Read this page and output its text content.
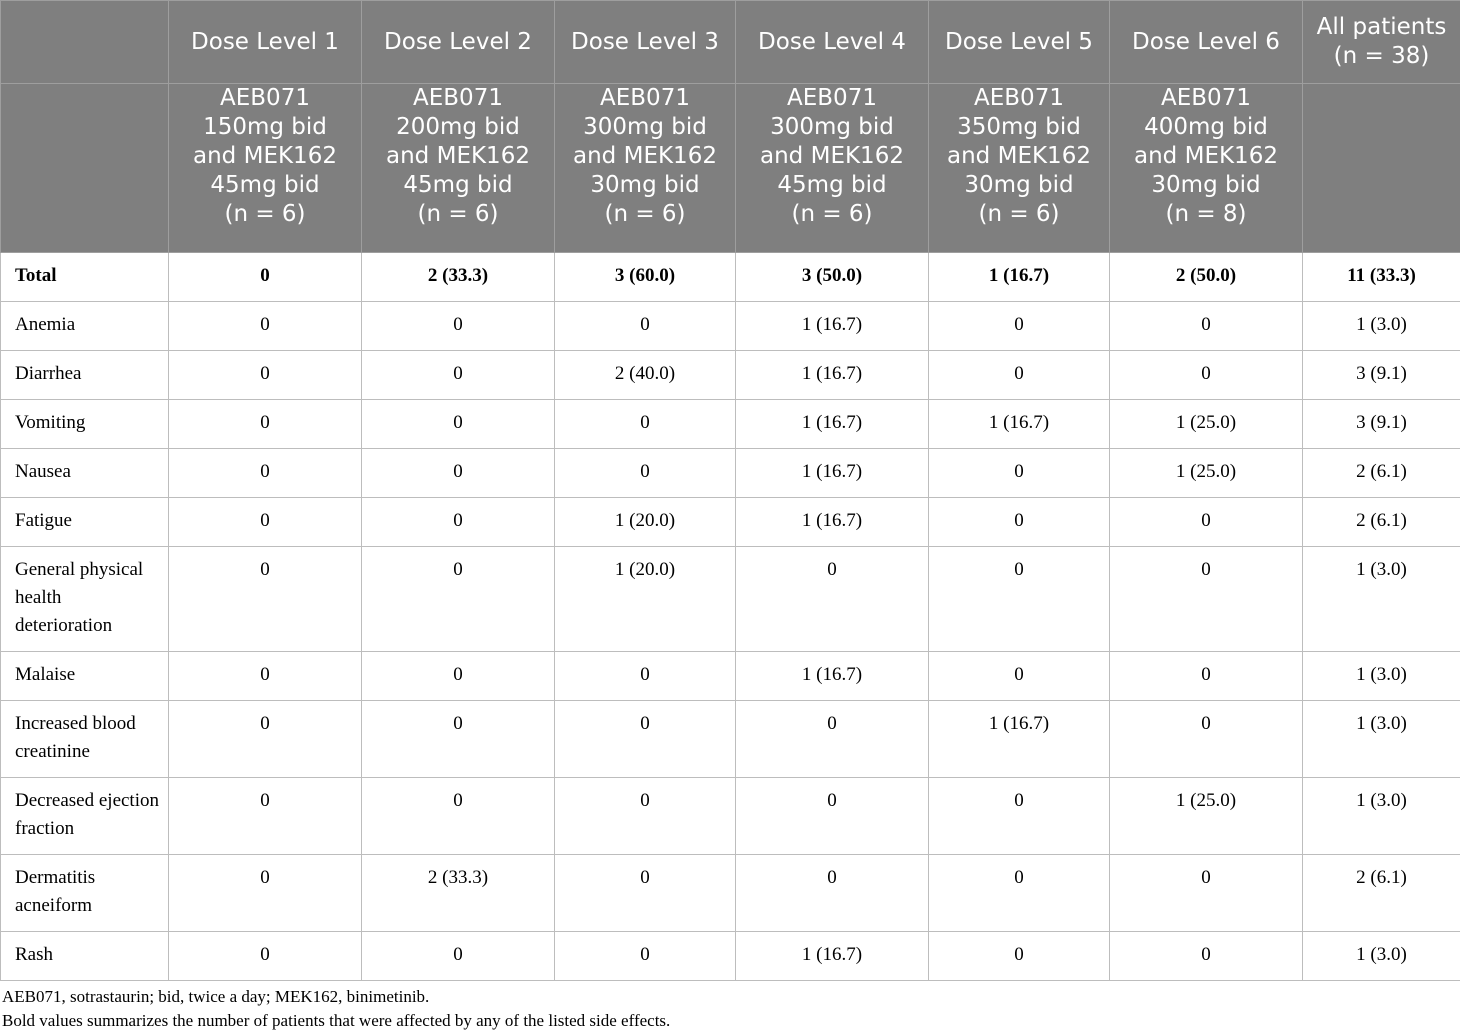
	Dose Level 1	Dose Level 2	Dose Level 3	Dose Level 4	Dose Level 5	Dose Level 6	All patients
(n = 38)

	AEB071
150mg bid
and MEK162
45mg bid
(n = 6)	AEB071
200mg bid
and MEK162
45mg bid
(n = 6)	AEB071
300mg bid
and MEK162
30mg bid
(n = 6)	AEB071
300mg bid
and MEK162
45mg bid
(n = 6)	AEB071
350mg bid
and MEK162
30mg bid
(n = 6)	AEB071
400mg bid
and MEK162
30mg bid
(n = 8)	

Total	0	2 (33.3)	3 (60.0)	3 (50.0)	1 (16.7)	2 (50.0)	11 (33.3)
Anemia	0	0	0	1 (16.7)	0	0	1 (3.0)
Diarrhea	0	0	2 (40.0)	1 (16.7)	0	0	3 (9.1)
Vomiting	0	0	0	1 (16.7)	1 (16.7)	1 (25.0)	3 (9.1)
Nausea	0	0	0	1 (16.7)	0	1 (25.0)	2 (6.1)
Fatigue	0	0	1 (20.0)	1 (16.7)	0	0	2 (6.1)
General physical health deterioration	0	0	1 (20.0)	0	0	0	1 (3.0)
Malaise	0	0	0	1 (16.7)	0	0	1 (3.0)
Increased blood creatinine	0	0	0	0	1 (16.7)	0	1 (3.0)
Decreased ejection fraction	0	0	0	0	0	1 (25.0)	1 (3.0)
Dermatitis acneiform	0	2 (33.3)	0	0	0	0	2 (6.1)
Rash	0	0	0	1 (16.7)	0	0	1 (3.0)
AEB071, sotrastaurin; bid, twice a day; MEK162, binimetinib.
Bold values summarizes the number of patients that were affected by any of the listed side effects.
